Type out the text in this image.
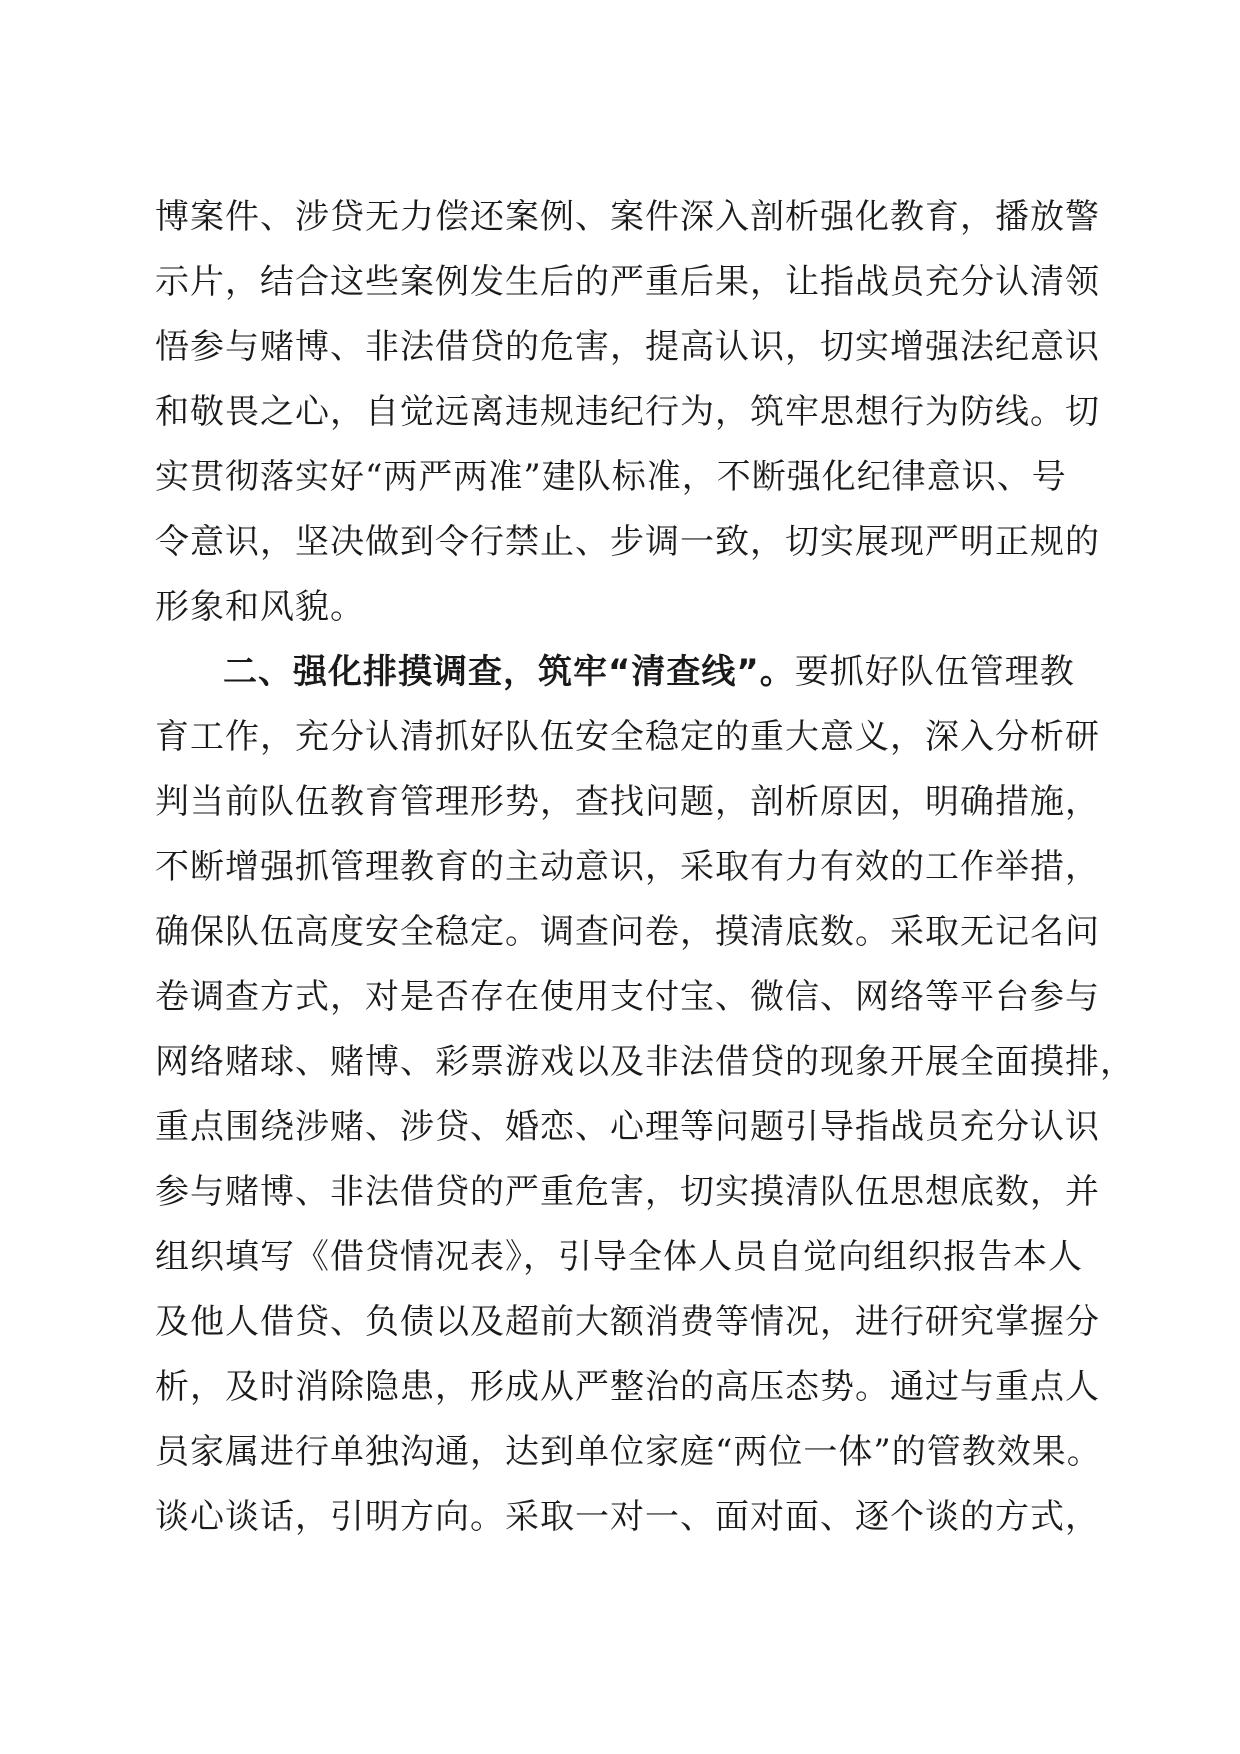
博案件、涉贷无力偿还案例、案件深入剖析强化教育，播放警
示片，结合这些案例发生后的严重后果，让指战员充分认清领
悟参与赌博、非法借贷的危害，提高认识，切实增强法纪意识
和敬畏之心，自觉远离违规违纪行为，筑牢思想行为防线。切
实贯彻落实好“两严两准”建队标准，不断强化纪律意识、号
令意识，坚决做到令行禁止、步调一致，切实展现严明正规的
形象和风貌。
二、强化排摸调查，筑牢“清查线”。要抓好队伍管理教
育工作，充分认清抓好队伍安全稳定的重大意义，深入分析研
判当前队伍教育管理形势，查找问题，剖析原因，明确措施，
不断增强抓管理教育的主动意识，采取有力有效的工作举措，
确保队伍高度安全稳定。调查问卷，摸清底数。采取无记名问
卷调查方式，对是否存在使用支付宝、微信、网络等平台参与
网络赌球、赌博、彩票游戏以及非法借贷的现象开展全面摸排，
重点围绕涉赌、涉贷、婚恋、心理等问题引导指战员充分认识
参与赌博、非法借贷的严重危害，切实摸清队伍思想底数，并
组织填写《借贷情况表》，引导全体人员自觉向组织报告本人
及他人借贷、负债以及超前大额消费等情况，进行研究掌握分
析，及时消除隐患，形成从严整治的高压态势。通过与重点人
员家属进行单独沟通，达到单位家庭“两位一体”的管教效果。
谈心谈话，引明方向。采取一对一、面对面、逐个谈的方式，
